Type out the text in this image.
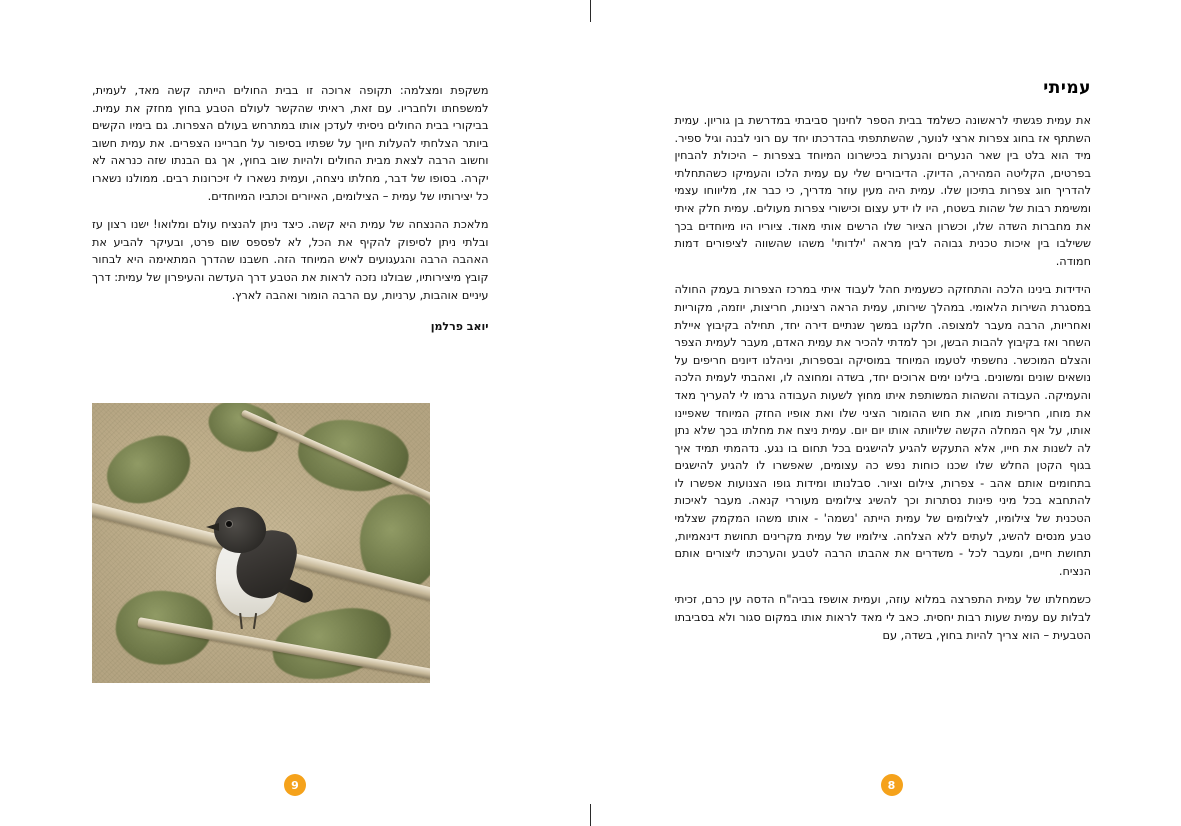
משקפת ומצלמה: תקופה ארוכה זו בבית החולים הייתה קשה מאד, לעמית, למשפחתו ולחבריו. עם זאת, ראיתי שהקשר לעולם הטבע בחוץ מחזק את עמית. בביקורי בבית החולים ניסיתי לעדכן אותו במתרחש בעולם הצפרות. גם בימיו הקשים ביותר הצלחתי להעלות חיוך על שפתיו בסיפור על חבריינו הצפרים. את עמית חשוב וחשוב הרבה לצאת מבית החולים ולהיות שוב בחוץ, אך גם הבנתו שזה כנראה לא יקרה. בסופו של דבר, מחלתו ניצחה, ועמית נשארו לי זיכרונות רבים. ממולנו נשארו כל יצירותיו של עמית – הצילומים, האיורים וכתביו המיוחדים.

מלאכת ההנצחה של עמית היא קשה. כיצד ניתן להנציח עולם ומלואו! ישנו רצון עז ובלתי ניתן לסיפוק להקיף את הכל, לא לפספס שום פרט, ובעיקר להביע את האהבה הרבה והגעגועים לאיש המיוחד הזה. חשבנו שהדרך המתאימה היא לבחור קובץ מיצירותיו, שבולנו נזכה לראות את הטבע דרך העדשה והעיפרון של עמית: דרך עיניים אוהבות, ערניות, עם הרבה הומור ואהבה לארץ.

יואב פרלמן

9
עמיתי

את עמית פגשתי לראשונה כשלמד בבית הספר לחינוך סביבתי במדרשת בן גוריון. עמית השתתף אז בחוג צפרות ארצי לנוער, שהשתתפתי בהדרכתו יחד עם רוני לבנה וגיל ספיר. מיד הוא בלט בין שאר הנערים והנערות בכישרונו המיוחד בצפרות – היכולת להבחין בפרטים, הקליטה המהירה, הדיוק. הדיבורים שלי עם עמית הלכו והעמיקו כשהתחלתי להדריך חוג צפרות בתיכון שלו. עמית היה מעין עוזר מדריך, כי כבר אז, מליווחו עצמי ומשימת רבות של שהות בשטח, היו לו ידע עצום וכישורי צפרות מעולים. עמית חלק איתי את מחברות השדה שלו, וכשרון הציור שלו הרשים אותי מאוד. ציוריו היו מיוחדים בכך ששילבו בין איכות טכנית גבוהה לבין מראה 'ילדותי' משהו שהשווה לציפורים דמות חמודה.

הידידות בינינו הלכה והתחזקה כשעמית חהל לעבוד איתי במרכז הצפרות בעמק החולה במסגרת השירות הלאומי. במהלך שירותו, עמית הראה רצינות, חריצות, יוזמה, מקוריות ואחריות, הרבה מעבר למצופה. חלקנו במשך שנתיים דירה יחד, תחילה בקיבוץ איילת השחר ואז בקיבוץ להבות הבשן, וכך למדתי להכיר את עמית האדם, מעבר לעמית הצפר והצלם המוכשר. נחשפתי לטעמו המיוחד במוסיקה ובספרות, וניהלנו דיונים חריפים על נושאים שונים ומשונים. בילינו ימים ארוכים יחד, בשדה ומחוצה לו, ואהבתי לעמית הלכה והעמיקה. העבודה והשהות המשותפת איתו מחוץ לשעות העבודה גרמו לי להעריך מאד את מוחו, חריפות מוחו, את חוש ההומור הציני שלו ואת אופיו החזק המיוחד שאפיינו אותו, על אף המחלה הקשה שליוותה אותו יום יום. עמית ניצח את מחלתו בכך שלא נתן לה לשנות את חייו, אלא התעקש להגיע להישגים בכל תחום בו נגע. נדהמתי תמיד איך בגוף הקטן החלש שלו שכנו כוחות נפש כה עצומים, שאפשרו לו להגיע להישגים בתחומים אותם אהב - צפרות, צילום וציור. סבלנותו ומידות גופו הצנועות אפשרו לו להתחבא בכל מיני פינות נסתרות וכך להשיג צילומים מעוררי קנאה. מעבר לאיכות הטכנית של צילומיו, לצילומים של עמית הייתה 'נשמה' - אותו משהו המקמק שצלמי טבע מנסים להשיג, לעתים ללא הצלחה. צילומיו של עמית מקרינים תחושת דינאמיות, תחושת חיים, ומעבר לכל - משדרים את אהבתו הרבה לטבע והערכתו ליצורים אותם הנציח.

כשמחלתו של עמית התפרצה במלוא עוזה, ועמית אושפז בביה"ח הדסה עין כרם, זכיתי לבלות עם עמית שעות רבות יחסית. כאב לי מאד לראות אותו במקום סגור ולא בסביבתו הטבעית – הוא צריך להיות בחוץ, בשדה, עם

8
